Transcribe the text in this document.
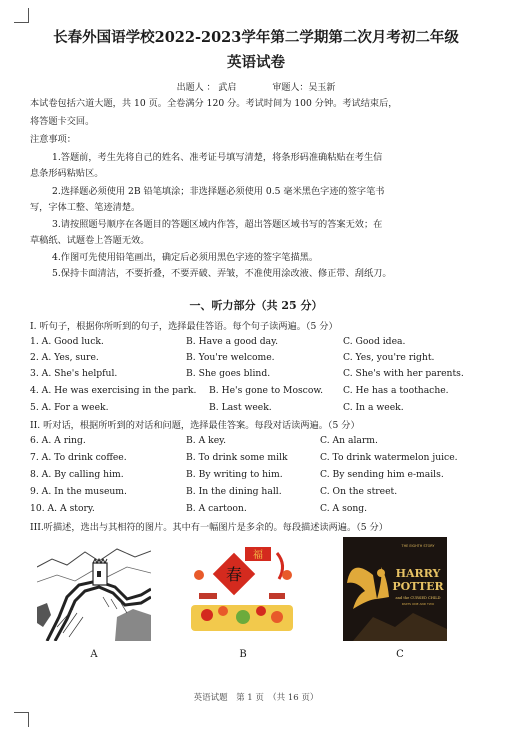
长春外国语学校2022-2023学年第二学期第二次月考初二年级
英语试卷
出题人 ： 武启　　　　审题人：吴玉新
本试卷包括六道大题，共 10 页。全卷满分 120 分。考试时间为 100 分钟。考试结束后，
将答题卡交回。
注意事项：
1.答题前，考生先将自己的姓名、准考证号填写清楚，将条形码准确粘贴在考生信
息条形码粘贴区。
2.选择题必须使用 2B 铅笔填涂；非选择题必须使用 0.5 毫米黑色字迹的签字笔书
写，字体工整、笔迹清楚。
3.请按照题号顺序在各题目的答题区域内作答，超出答题区域书写的答案无效；在
草稿纸、试题卷上答题无效。
4.作图可先使用铅笔画出，确定后必须用黑色字迹的签字笔描黑。
5.保持卡面清洁，不要折叠，不要弄破、弄皱，不准使用涂改液、修正带、刮纸刀。
一、听力部分（共 25 分）
I. 听句子，根据你所听到的句子，选择最佳答语。每个句子读两遍。（5 分）
1. A. Good luck.	B. Have a good day.	C. Good idea.
2. A. Yes, sure.	B. You're welcome.	C. Yes, you're right.
3. A. She's helpful.	B. She goes blind.	C. She's with her parents.
4. A. He was exercising in the park. B. He's gone to Moscow. C. He has a toothache.
5. A. For a week.	B. Last week.	C. In a week.
II. 听对话，根据所听到的对话和问题，选择最佳答案。每段对话读两遍。（5 分）
6. A. A ring.	B. A key.	C. An alarm.
7. A. To drink coffee.	B. To drink some milk	C. To drink watermelon juice.
8. A. By calling him.	B. By writing to him.	C. By sending him e-mails.
9. A. In the museum.	B. In the dining hall.	C. On the street.
10. A. A story.	B. A cartoon.	C. A song.
III.听描述，选出与其相符的图片。其中有一幅图片是多余的。每段描述读两遍。（5 分）
A
福
春
B
THE EIGHTH STORY
HARRY
POTTER
and the CURSED CHILD
PARTS ONE AND TWO
C
英语试题　第 1 页　（共 16 页）
